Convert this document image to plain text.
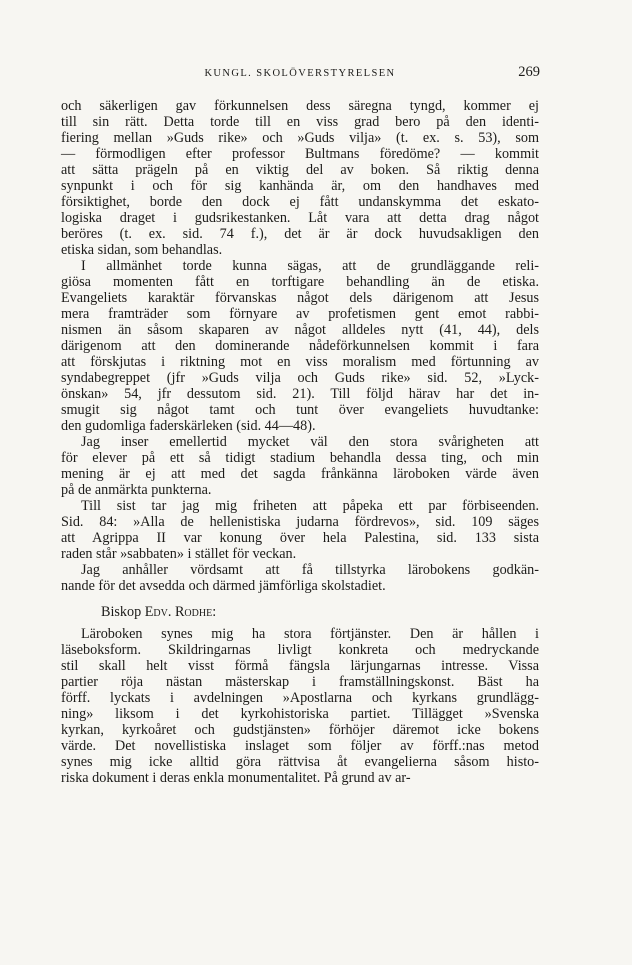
KUNGL. SKOLÖVERSTYRELSEN	269
och säkerligen gav förkunnelsen dess säregna tyngd, kommer ej
till sin rätt. Detta torde till en viss grad bero på den identi-
fiering mellan »Guds rike» och »Guds vilja» (t. ex. s. 53), som
— förmodligen efter professor Bultmans föredöme? — kommit
att sätta prägeln på en viktig del av boken. Så riktig denna
synpunkt i och för sig kanhända är, om den handhaves med
försiktighet, borde den dock ej fått undanskymma det eskato-
logiska draget i gudsrikestanken. Låt vara att detta drag något
beröres (t. ex. sid. 74 f.), det är är dock huvudsakligen den
etiska sidan, som behandlas.
I allmänhet torde kunna sägas, att de grundläggande reli-
giösa momenten fått en torftigare behandling än de etiska.
Evangeliets karaktär förvanskas något dels därigenom att Jesus
mera framträder som förnyare av profetismen gent emot rabbi-
nismen än såsom skaparen av något alldeles nytt (41, 44), dels
därigenom att den dominerande nådeförkunnelsen kommit i fara
att förskjutas i riktning mot en viss moralism med förtunning av
syndabegreppet (jfr »Guds vilja och Guds rike» sid. 52, »Lyck-
önskan» 54, jfr dessutom sid. 21). Till följd härav har det in-
smugit sig något tamt och tunt över evangeliets huvudtanke:
den gudomliga faderskärleken (sid. 44—48).
Jag inser emellertid mycket väl den stora svårigheten att
för elever på ett så tidigt stadium behandla dessa ting, och min
mening är ej att med det sagda frånkänna läroboken värde även
på de anmärkta punkterna.
Till sist tar jag mig friheten att påpeka ett par förbiseenden.
Sid. 84: »Alla de hellenistiska judarna fördrevos», sid. 109 säges
att Agrippa II var konung över hela Palestina, sid. 133 sista
raden står »sabbaten» i stället för veckan.
Jag anhåller vördsamt att få tillstyrka lärobokens godkän-
nande för det avsedda och därmed jämförliga skolstadiet.
Biskop Edv. Rodhe:
Läroboken synes mig ha stora förtjänster. Den är hållen i
läseboksform. Skildringarnas livligt konkreta och medryckande
stil skall helt visst förmå fängsla lärjungarnas intresse. Vissa
partier röja nästan mästerskap i framställningskonst. Bäst ha
förff. lyckats i avdelningen »Apostlarna och kyrkans grundlägg-
ning» liksom i det kyrkohistoriska partiet. Tillägget »Svenska
kyrkan, kyrkoåret och gudstjänsten» förhöjer däremot icke bokens
värde. Det novellistiska inslaget som följer av förff.:nas metod
synes mig icke alltid göra rättvisa åt evangelierna såsom histo-
riska dokument i deras enkla monumentalitet. På grund av ar-
